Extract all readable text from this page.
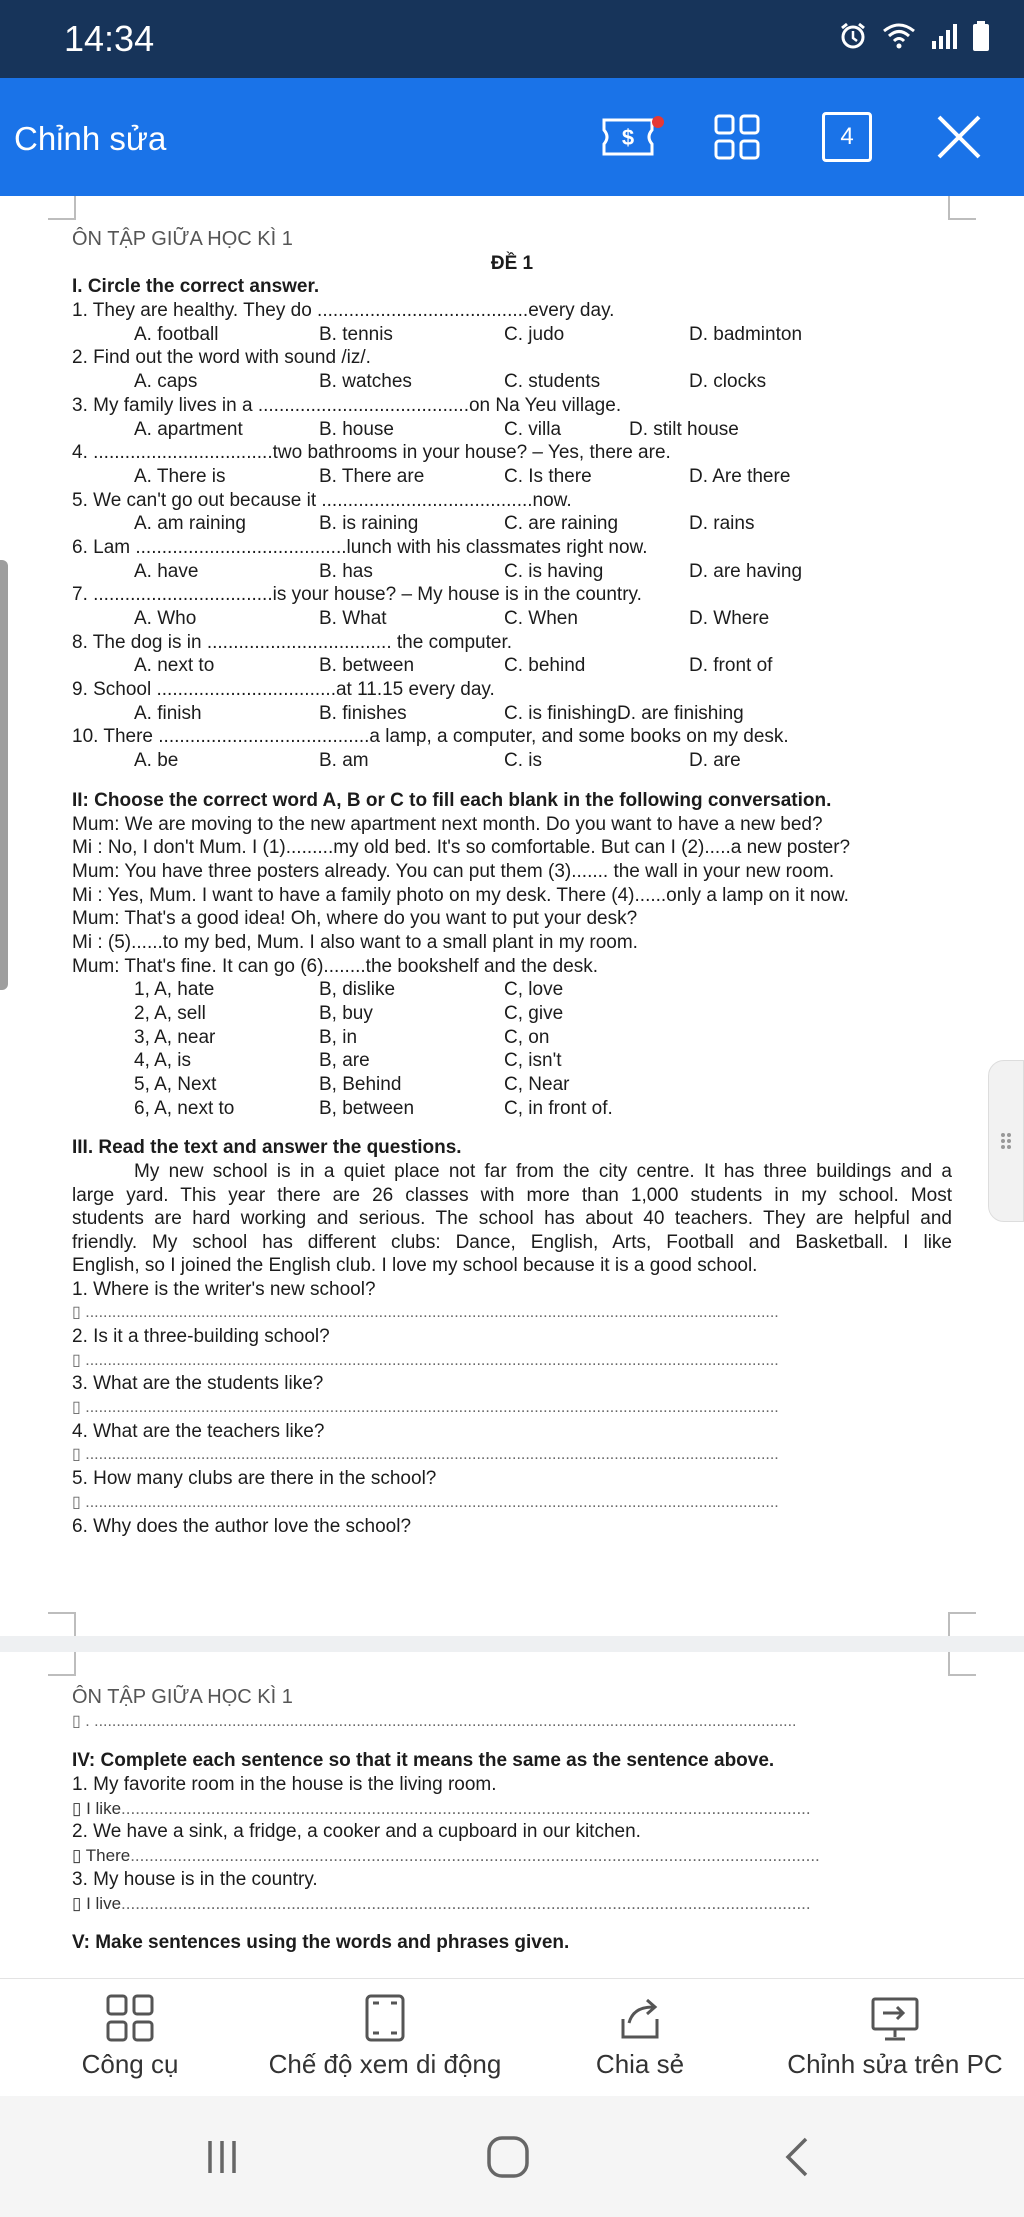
14:34
Chỉnh sửa	$	4
ÔN TẬP GIỮA HỌC KÌ 1
ĐỀ 1
I. Circle the correct answer.
1. They are healthy. They do ........................................every day.
A. football	B. tennis	C. judo	D. badminton
2. Find out the word with sound /iz/.
A. caps	B. watches	C. students	D. clocks
3. My family lives in a ........................................on Na Yeu village.
A. apartment	B. house	C. villa	D. stilt house
4. ..................................two bathrooms in your house? – Yes, there are.
A. There is	B. There are	C. Is there	D. Are there
5. We can't go out because it ........................................now.
A. am raining	B. is raining	C. are raining	D. rains
6. Lam ........................................lunch with his classmates right now.
A. have	B. has	C. is having	D. are having
7. ..................................is your house? – My house is in the country.
A. Who	B. What	C. When	D. Where
8. The dog is in ................................... the computer.
A. next to	B. between	C. behind	D. front of
9. School ..................................at 11.15 every day.
A. finish	B. finishes	C. is finishingD. are finishing
10. There ........................................a lamp, a computer, and some books on my desk.
A. be	B. am	C. is	D. are
II: Choose the correct word A, B or C to fill each blank in the following conversation.
Mum: We are moving to the new apartment next month. Do you want to have a new bed?
Mi : No, I don't Mum. I (1).........my old bed. It's so comfortable. But can I (2).....a new poster?
Mum: You have three posters already. You can put them (3)....... the wall in your new room.
Mi : Yes, Mum. I want to have a family photo on my desk. There (4)......only a lamp on it now.
Mum: That's a good idea! Oh, where do you want to put your desk?
Mi : (5)......to my bed, Mum. I also want to a small plant in my room.
Mum: That's fine. It can go (6)........the bookshelf and the desk.
1, A, hate	B, dislike	C, love
2, A, sell	B, buy	C, give
3, A, near	B, in	C, on
4, A, is	B, are	C, isn't
5, A, Next	B, Behind	C, Near
6, A, next to	B, between	C, in front of.
III. Read the text and answer the questions.
My new school is in a quiet place not far from the city centre. It has three buildings and a
large yard. This year there are 26 classes with more than 1,000 students in my school. Most
students are hard working and serious. The school has about 40 teachers. They are helpful and
friendly. My school has different clubs: Dance, English, Arts, Football and Basketball. I like
English, so I joined the English club. I love my school because it is a good school.
1. Where is the writer's new school?
▯ ............................................................................................................................................................
2. Is it a three-building school?
▯ ............................................................................................................................................................
3. What are the students like?
▯ ............................................................................................................................................................
4. What are the teachers like?
▯ ............................................................................................................................................................
5. How many clubs are there in the school?
▯ ............................................................................................................................................................
6. Why does the author love the school?
ÔN TẬP GIỮA HỌC KÌ 1
▯ . ..............................................................................................................................................................
IV: Complete each sentence so that it means the same as the sentence above.
1. My favorite room in the house is the living room.
▯ I like..................................................................................................................................................
2. We have a sink, a fridge, a cooker and a cupboard in our kitchen.
▯ There..................................................................................................................................................
3. My house is in the country.
▯ I live..................................................................................................................................................
V: Make sentences using the words and phrases given.
Công cụ	Chế độ xem di động	Chia sẻ	Chỉnh sửa trên PC
